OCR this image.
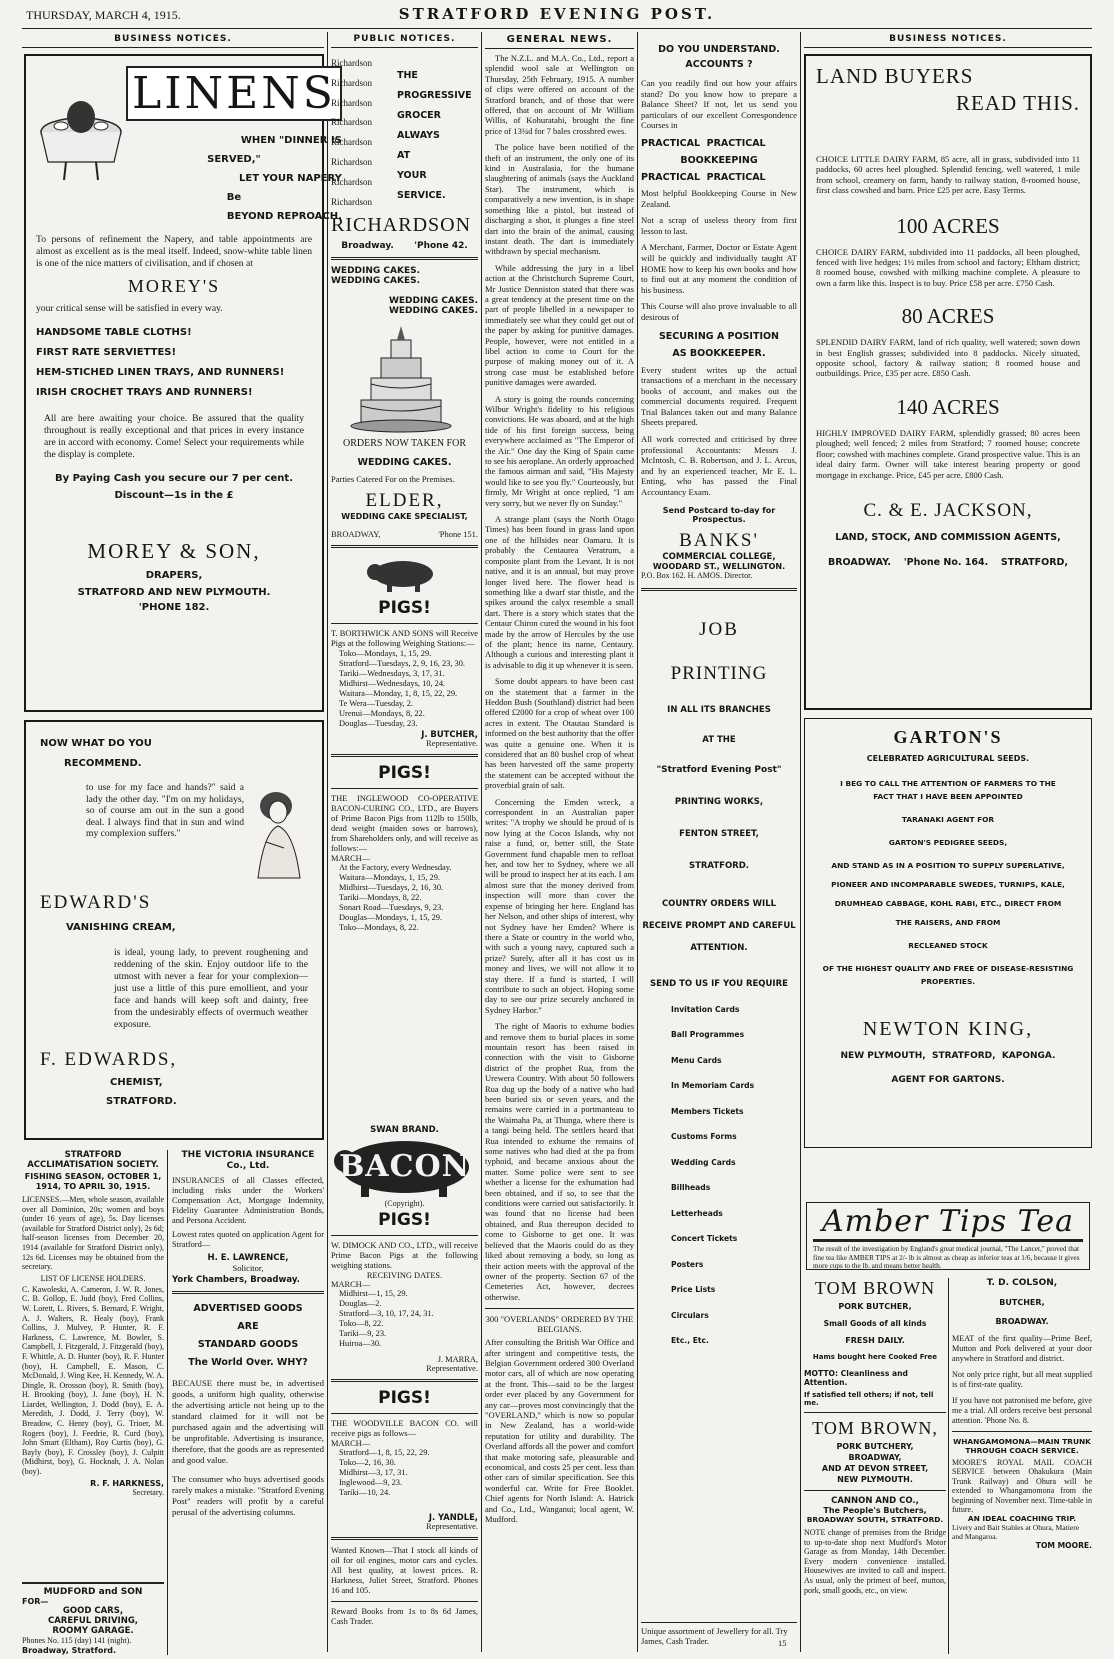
THURSDAY, MARCH 4, 1915.	STRATFORD EVENING POST.
BUSINESS NOTICES.
LINENS
WHEN "DINNER IS
SERVED,"
LET YOUR NAPERY
Be
BEYOND REPROACH.
To persons of refinement the Napery, and table appointments are almost as excellent as is the meal itself. Indeed, snow-white table linen is one of the nice matters of civilisation, and if chosen at
MOREY'S
your critical sense will be satisfied in every way.
HANDSOME TABLE CLOTHS!
FIRST RATE SERVIETTES!
HEM-STICHED LINEN TRAYS, AND RUNNERS!
IRISH CROCHET TRAYS AND RUNNERS!
All are here awaiting your choice. Be assured that the quality throughout is really exceptional and that prices in every instance are in accord with economy. Come! Select your requirements while the display is complete.
By Paying Cash you secure our 7 per cent.
Discount—1s in the £
MOREY & SON,
DRAPERS,
STRATFORD AND NEW PLYMOUTH.
'PHONE 182.
NOW WHAT DO YOU
RECOMMEND.
to use for my face and hands?" said a lady the other day. "I'm on my holidays, so of course am out in the sun a good deal. I always find that in sun and wind my complexion suffers."
EDWARD'S
VANISHING CREAM,
is ideal, young lady, to prevent roughening and reddening of the skin. Enjoy outdoor life to the utmost with never a fear for your complexion—just use a little of this pure emollient, and your face and hands will keep soft and dainty, free from the undesirably effects of overmuch weather exposure.
F. EDWARDS,
CHEMIST,
STRATFORD.
STRATFORD ACCLIMATISATION SOCIETY.
FISHING SEASON, OCTOBER 1, 1914, TO APRIL 30, 1915.
LICENSES.—Men, whole season, available over all Dominion, 20s; women and boys (under 16 years of age), 5s. Day licenses (available for Stratford District only), 2s 6d; half-season licenses from December 20, 1914 (available for Stratford District only), 12s 6d. Licenses may be obtained from the secretary.
LIST OF LICENSE HOLDERS.
C. Kawoleski, A. Cameron, J. W. R. Jones, C. B. Gollop, E. Judd (boy), Fred Collins, W. Lorett, L. Rivers, S. Bernard, F. Wright, A. J. Walters, R. Healy (boy), Frank Collins, J. Mulvey, P. Hunter, R. F. Harkness, C. Lawrence, M. Bowler, S. Campbell, J. Fitzgerald, J. Fitzgerald (boy), F. Whittle, A. D. Hunter (boy), R. F. Hunter (boy), H. Campbell, E. Mason, C. McDonald, J. Wing Kee, H. Kennedy, W. A. Dingle, R. Orosson (boy), R. Smith (boy), H. Brooking (boy), J. Jane (boy), H. N. Liardet, Wellington, J. Dodd (boy), E. A. Meredith, J. Dodd, J. Terry (boy), W. Breadow, C. Henry (boy), G. Trioer, M. Rogers (boy), J. Feedrie, R. Curd (boy), John Smart (Eltham), Roy Curtis (boy), G. Bayly (boy), F. Crossley (boy), J. Culpitt (Midhirst, boy), G. Hocknah, J. A. Nolan (boy).
R. F. HARKNESS,
Secretary.
MUDFORD and SON
FOR—
GOOD CARS,
CAREFUL DRIVING,
ROOMY GARAGE.
Phones No. 115 (day) 141 (night).
Broadway, Stratford.
THE VICTORIA INSURANCE Co., Ltd.
INSURANCES of all Classes effected, including risks under the Workers' Compensation Act, Mortgage Indemnity, Fidelity Guarantee Administration Bonds, and Persona Accident.
Lowest rates quoted on application Agent for Stratford—
H. E. LAWRENCE,
Solicitor,
York Chambers, Broadway.
ADVERTISED GOODS
ARE
STANDARD GOODS
The World Over. WHY?
BECAUSE there must be, in advertised goods, a uniform high quality, otherwise the advertising article not being up to the standard claimed for it will not be purchased again and the advertising will be unprofitable. Advertising is insurance, therefore, that the goods are as represented and good value.
The consumer who buys advertised goods rarely makes a mistake. "Stratford Evening Post" readers will profit by a careful perusal of the advertising columns.
PUBLIC NOTICES.
Richardson
Richardson
Richardson
Richardson
Richardson
Richardson
Richardson
Richardson
THE
PROGRESSIVE
GROCER
ALWAYS
AT
YOUR
SERVICE.
RICHARDSON
Broadway. 'Phone 42.
WEDDING CAKES.
WEDDING CAKES.
WEDDING CAKES.
WEDDING CAKES.
ORDERS NOW TAKEN FOR
WEDDING CAKES.
Parties Catered For on the Premises.
ELDER,
WEDDING CAKE SPECIALIST,
BROADWAY,	'Phone 151.
PIGS!
T. BORTHWICK AND SONS will Receive Pigs at the following Weighing Stations:—
Toko—Mondays, 1, 15, 29.
Stratford—Tuesdays, 2, 9, 16, 23, 30.
Tariki—Wednesdays, 3, 17, 31.
Midhirst—Wednesdays, 10, 24.
Waitara—Monday, 1, 8, 15, 22, 29.
Te Wera—Tuesday, 2.
Urenui—Mondays, 8, 22.
Douglas—Tuesday, 23.
J. BUTCHER,
Representative.
PIGS!
THE INGLEWOOD CO-OPERATIVE BACON-CURING CO., LTD., are Buyers of Prime Bacon Pigs from 112lb to 150lb, dead weight (maiden sows or barrows), from Shareholders only, and will receive as follows:—
MARCH—
At the Factory, every Wednesday.
Waitara—Mondays, 1, 15, 29.
Midhirst—Tuesdays, 2, 16, 30.
Tariki—Mondays, 8, 22.
Sonart Road—Tuesdays, 9, 23.
Douglas—Mondays, 1, 15, 29.
Toko—Mondays, 8, 22.
SWAN BRAND.
BACON
(Copyright).
PIGS!
W. DIMOCK AND CO., LTD., will receive Prime Bacon Pigs at the following weighing stations.
RECEIVING DATES.
MARCH—
Midhirst—1, 15, 29.
Douglas—2.
Stratford—3, 10, 17, 24, 31.
Toko—8, 22.
Tariki—9, 23.
Huiroa—30.
J. MARRA,
Representative.
PIGS!
THE WOODVILLE BACON CO. will receive pigs as follows—
MARCH—
Stratford—1, 8, 15, 22, 29.
Toko—2, 16, 30.
Midhirst—3, 17, 31.
Inglewood—9, 23.
Tariki—10, 24.
J. YANDLE,
Representative.
Wanted Known—That I stock all kinds of oil for oil engines, motor cars and cycles. All best quality, at lowest prices. R. Harkness, Juliet Street, Stratford. Phones 16 and 105.
Reward Books from 1s to 8s 6d James, Cash Trader.
GENERAL NEWS.

The N.Z.L. and M.A. Co., Ltd., report a splendid wool sale at Wellington on Thursday, 25th February, 1915. A number of clips were offered on account of the Stratford branch, and of those that were offered, that on account of Mr William Willis, of Kohuratahi, brought the fine price of 13¼d for 7 bales crossbred ewes.

The police have been notified of the theft of an instrument, the only one of its kind in Australasia, for the humane slaughtering of animals (says the Auckland Star). The instrument, which is comparatively a new invention, is in shape something like a pistol, but instead of discharging a shot, it plunges a fine steel dart into the brain of the animal, causing instant death. The dart is immediately withdrawn by special mechanism.

While addressing the jury in a libel action at the Christchurch Supreme Court, Mr Justice Denniston stated that there was a great tendency at the present time on the part of people libelled in a newspaper to immediately see what they could get out of the paper by asking for punitive damages. People, however, were not entitled in a libel action to come to Court for the purpose of making money out of it. A strong case must be established before punitive damages were awarded.

A story is going the rounds concerning Wilbur Wright's fidelity to his religious convictions. He was aboard, and at the high tide of his first foreign success, being everywhere acclaimed as "The Emperor of the Air." One day the King of Spain came to see his aeroplane. An orderly approached the famous airman and said, "His Majesty would like to see you fly." Courteously, but firmly, Mr Wright at once replied, "I am very sorry, but we never fly on Sunday."

A strange plant (says the North Otago Times) has been found in grass land upon one of the hillsides near Oamaru. It is probably the Centaurea Veratrum, a composite plant from the Levant. It is not native, and it is an annual, but may prove longer lived here. The flower head is something like a dwarf star thistle, and the spikes around the calyx resemble a small dart. There is a story which states that the Centaur Chiron cured the wound in his foot made by the arrow of Hercules by the use of the plant; hence its name, Centaury. Although a curious and interesting plant it is advisable to dig it up whenever it is seen.

Some doubt appears to have been cast on the statement that a farmer in the Heddon Bush (Southland) district had been offered £2000 for a crop of wheat over 100 acres in extent. The Otautau Standard is informed on the best authority that the offer was quite a genuine one. When it is considered that an 80 bushel crop of wheat has been harvested off the same property the statement can be accepted without the proverbial grain of salt.

Concerning the Emden wreck, a correspondent in an Australian paper writes: "A trophy we should be proud of is now lying at the Cocos Islands, why not raise a fund, or, better still, the State Government fund chapable men to refloat her, and tow her to Sydney, where we all will be proud to inspect her at its each. I am almost sure that the money derived from inspection will more than cover the expense of bringing her here. England has her Nelson, and other ships of interest, why not Sydney have her Emden? Where is there a State or country in the world who, with such a young navy, captured such a prize? Surely, after all it has cost us in money and lives, we will not allow it to stay there. If a fund is started, I will contribute to such an object. Hoping some day to see our prize securely anchored in Sydney Harbor."

The right of Maoris to exhume bodies and remove them to burial places in some mountain resort has been raised in connection with the visit to Gisborne district of the prophet Rua, from the Urewera Country. With about 50 followers Rua dug up the body of a native who had been buried six or seven years, and the remains were carried in a portmanteau to the Waimaha Pa, at Thunga, where there is a tangi being held. The settlers heard that Rua intended to exhume the remains of some natives who had died at the pa from typhoid, and became anxious about the matter. Some police were sent to see whether a license for the exhumation had been obtained, and if so, to see that the conditions were carried out satisfactorily. It was found that no license had been obtained, and Rua thereupon decided to come to Gisborne to get one. It was believed that the Maoris could do as they liked about removing a body, so long as their action meets with the approval of the owner of the property. Section 67 of the Cemeteries Act, however, decrees otherwise.

300 "OVERLANDS" ORDERED BY THE BELGIANS.
After consulting the British War Office and after stringent and competitive tests, the Belgian Government ordered 300 Overland motor cars, all of which are now operating at the front. This—said to be the largest order ever placed by any Government for any car—proves most convincingly that the "OVERLAND," which is now so popular in New Zealand, has a world-wide reputation for utility and durability. The Overland affords all the power and comfort that make motoring safe, pleasurable and economical, and costs 25 per cent. less than other cars of similar specification. See this wonderful car. Write for Free Booklet. Chief agents for North Island: A. Hatrick and Co., Ltd., Wanganui; local agent, W. Mudford.
DO YOU UNDERSTAND. ACCOUNTS ?
Can you readily find out how your affairs stand? Do you know how to prepare a Balance Sheet? If not, let us send you particulars of our excellent Correspondence Courses in
PRACTICAL  PRACTICAL
BOOKKEEPING
PRACTICAL  PRACTICAL
Most helpful Bookkeeping Course in New Zealand.
Not a scrap of useless theory from first lesson to last.
A Merchant, Farmer, Doctor or Estate Agent will be quickly and individually taught AT HOME how to keep his own books and how to find out at any moment the condition of his business.
This Course will also prove invaluable to all desirous of
SECURING A POSITION
AS BOOKKEEPER.
Every student writes up the actual transactions of a merchant in the necessary books of account, and makes out the commercial documents required. Frequent Trial Balances taken out and many Balance Sheets prepared.
All work corrected and criticised by three professional Accountants: Messrs J. McIntosh, C. B. Robertson, and J. L. Arcus, and by an experienced teacher, Mr E. L. Enting, who has passed the Final Accountancy Exam.
Send Postcard to-day for Prospectus.
BANKS'
COMMERCIAL COLLEGE,
WOODARD ST., WELLINGTON.
P.O. Box 162. H. AMOS. Director.
JOB
PRINTING
IN ALL ITS BRANCHES
AT THE
"Stratford Evening Post"
PRINTING WORKS,
FENTON STREET,
STRATFORD.
COUNTRY ORDERS WILL
RECEIVE PROMPT AND CAREFUL
ATTENTION.
SEND TO US IF YOU REQUIRE
Invitation Cards
Ball Programmes
Menu Cards
In Memoriam Cards
Members Tickets
Customs Forms
Wedding Cards
Billheads
Letterheads
Concert Tickets
Posters
Price Lists
Circulars
Etc., Etc.
Unique assortment of Jewellery for all. Try James, Cash Trader.	15
BUSINESS NOTICES.
LAND BUYERS
READ THIS.
CHOICE LITTLE DAIRY FARM, 85 acre, all in grass, subdivided into 11 paddocks, 60 acres heel ploughed. Splendid fencing, well watered, 1 mile from school, creamery on farm, handy to railway station, 8-roomed house, first class cowshed and barn. Price £25 per acre. Easy Terms.
100 ACRES
CHOICE DAIRY FARM, subdivided into 11 paddocks, all been ploughed, fenced with live hedges; 1½ miles from school and factory; Eltham district; 8 roomed house, cowshed with milking machine complete. A pleasure to own a farm like this. Inspect is to buy. Price £58 per acre. £750 Cash.
80 ACRES
SPLENDID DAIRY FARM, land of rich quality, well watered; sown down in best English grasses; subdivided into 8 paddocks. Nicely situated, opposite school, factory & railway station; 8 roomed house and outbuildings. Price, £35 per acre. £850 Cash.
140 ACRES
HIGHLY IMPROVED DAIRY FARM, splendidly grassed; 80 acres been ploughed; well fenced; 2 miles from Stratford; 7 roomed house; concrete floor; cowshed with machines complete. Grand prospective value. This is an ideal dairy farm. Owner will take interest bearing property or good mortgage in exchange. Price, £45 per acre. £800 Cash.
C. & E. JACKSON,
LAND, STOCK, AND COMMISSION AGENTS,
BROADWAY. 'Phone No. 164. STRATFORD,
GARTON'S
CELEBRATED AGRICULTURAL SEEDS.
I BEG TO CALL THE ATTENTION OF FARMERS TO THE
FACT THAT I HAVE BEEN APPOINTED
TARANAKI AGENT FOR
GARTON'S PEDIGREE SEEDS,
AND STAND AS IN A POSITION TO SUPPLY SUPERLATIVE,
PIONEER AND INCOMPARABLE SWEDES, TURNIPS, KALE,
DRUMHEAD CABBAGE, KOHL RABI, ETC., DIRECT FROM
THE RAISERS, AND FROM
RECLEANED STOCK
OF THE HIGHEST QUALITY AND FREE OF DISEASE-RESISTING
PROPERTIES.
NEWTON KING,
NEW PLYMOUTH,  STRATFORD,  KAPONGA.
AGENT FOR GARTONS.
Amber Tips Tea
The result of the investigation by England's great medical journal, "The Lancet," proved that fine tea like AMBER TIPS at 2/- lb is almost as cheap as inferior teas at 1/6, because it gives more cups to the lb. and means better health.
TOM BROWN
PORK BUTCHER,
Small Goods of all kinds
FRESH DAILY.
Hams bought here Cooked Free
MOTTO: Cleanliness and Attention.
If satisfied tell others; if not, tell me.
TOM BROWN,
PORK BUTCHERY,
BROADWAY,
AND AT DEVON STREET,
NEW PLYMOUTH.
CANNON AND CO.,
The People's Butchers,
BROADWAY SOUTH, STRATFORD.
NOTE change of premises from the Bridge to up-to-date shop next Mudford's Motor Garage as from Monday, 14th December. Every modern convenience installed. Housewives are invited to call and inspect. As usual, only the primest of beef, mutton, pork, small goods, etc., on view.
T. D. COLSON,
BUTCHER,
BROADWAY.
MEAT of the first quality—Prime Beef, Mutton and Pork delivered at your door anywhere in Stratford and district.
Not only price right, but all meat supplied is of first-rate quality.
If you have not patronised me before, give me a trial. All orders receive best personal attention. 'Phone No. 8.
WHANGAMOMONA—MAIN TRUNK
THROUGH COACH SERVICE.
MOORE'S ROYAL MAIL COACH SERVICE between Ohakukura (Main Trunk Railway) and Ohura will be extended to Whangamomona from the beginning of November next. Time-table in future.
AN IDEAL COACHING TRIP.
Livery and Bait Stables at Ohura, Matiere and Mangaroa.
TOM MOORE.
